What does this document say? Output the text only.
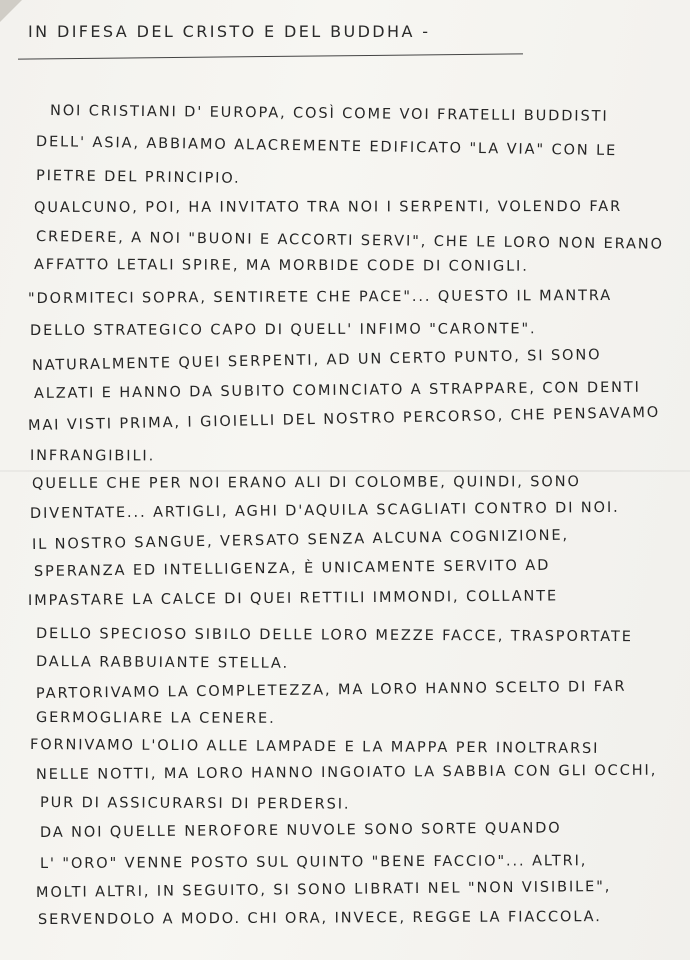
IN DIFESA DEL CRISTO E DEL BUDDHA -
NOI CRISTIANI D' EUROPA, COSÌ COME VOI FRATELLI BUDDISTI
DELL' ASIA, ABBIAMO ALACREMENTE EDIFICATO "LA VIA" CON LE
PIETRE DEL PRINCIPIO.
QUALCUNO, POI, HA INVITATO TRA NOI I SERPENTI, VOLENDO FAR
CREDERE, A NOI "BUONI E ACCORTI SERVI", CHE LE LORO NON ERANO
AFFATTO LETALI SPIRE, MA MORBIDE CODE DI CONIGLI.
"DORMITECI SOPRA, SENTIRETE CHE PACE"... QUESTO IL MANTRA
DELLO STRATEGICO CAPO DI QUELL' INFIMO "CARONTE".
NATURALMENTE QUEI SERPENTI, AD UN CERTO PUNTO, SI SONO
ALZATI E HANNO DA SUBITO COMINCIATO A STRAPPARE, CON DENTI
MAI VISTI PRIMA, I GIOIELLI DEL NOSTRO PERCORSO, CHE PENSAVAMO
INFRANGIBILI.
QUELLE CHE PER NOI ERANO ALI DI COLOMBE, QUINDI, SONO
DIVENTATE... ARTIGLI, AGHI D'AQUILA SCAGLIATI CONTRO DI NOI.
IL NOSTRO SANGUE, VERSATO SENZA ALCUNA COGNIZIONE,
SPERANZA ED INTELLIGENZA, È UNICAMENTE SERVITO AD
IMPASTARE LA CALCE DI QUEI RETTILI IMMONDI, COLLANTE
DELLO SPECIOSO SIBILO DELLE LORO MEZZE FACCE, TRASPORTATE
DALLA RABBUIANTE STELLA.
PARTORIVAMO LA COMPLETEZZA, MA LORO HANNO SCELTO DI FAR
GERMOGLIARE LA CENERE.
FORNIVAMO L'OLIO ALLE LAMPADE E LA MAPPA PER INOLTRARSI
NELLE NOTTI, MA LORO HANNO INGOIATO LA SABBIA CON GLI OCCHI,
PUR DI ASSICURARSI DI PERDERSI.
DA NOI QUELLE NEROFORE NUVOLE SONO SORTE QUANDO
L' "ORO" VENNE POSTO SUL QUINTO "BENE FACCIO"... ALTRI,
MOLTI ALTRI, IN SEGUITO, SI SONO LIBRATI NEL "NON VISIBILE",
SERVENDOLO A MODO. CHI ORA, INVECE, REGGE LA FIACCOLA.
